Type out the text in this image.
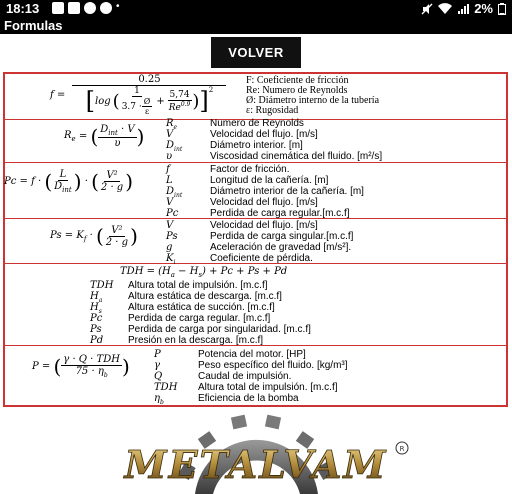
18:13	•	2%
Formulas
VOLVER
f =
0.25
[ log ( $\frac{1}{3.7 \cdot \frac{Ø}{\varepsilon}} + \frac{5,74}{Re^{0.9}}$ ) ]$^2$
F: Coeficiente de fricción
Re: Numero de Reynolds
Ø: Diámetro interno de la tubería
ε: Rugosidad
$R_e$ = ( $\frac{D_{int} \cdot V}{\upsilon}$ )
$R_e$	Numero de Reynolds
V	Velocidad del flujo. [m/s]
$D_{int}$	Diámetro interior. [m]
υ	Viscosidad cinemática del fluido. [m²/s]
Pc = f · ( $\frac{L}{D_{int}}$ ) · ( $\frac{\text{V²}}{2 \cdot g}$ )	f	Factor de fricción.
L	Longitud de la cañería. [m]
$D_{int}$	Diámetro interior de la cañería. [m]
V	Velocidad del flujo. [m/s]
Pc	Perdida de carga regular.[m.c.f]
$Ps = K_f$ · ( $\frac{\text{V²}}{2 \cdot g}$ )	V	Velocidad del flujo. [m/s]
Ps	Perdida de carga singular.[m.c.f]
g	Aceleración de gravedad [m/s²].
$K_i$	Coeficiente de pérdida.
TDH = $(H_a - H_s) + Pc + Ps + Pd$
TDH	Altura total de impulsión. [m.c.f]
$H_a$	Altura estática de descarga. [m.c.f]
$H_s$	Altura estática de succión. [m.c.f]
Pc	Perdida de carga regular. [m.c.f]
Ps	Perdida de carga por singularidad. [m.c.f]
Pd	Presión en la descarga. [m.c.f]
P = ( $\frac{\text{γ · Q · TDH}}{75 \cdot \eta_b}$ ) P	Potencia del motor. [HP]
γ	Peso específico del fluido. [kg/m³]
Q	Caudal de impulsión.
TDH	Altura total de impulsión. [m.c.f]
$\eta_b$	Eficiencia de la bomba
METALVAM R
